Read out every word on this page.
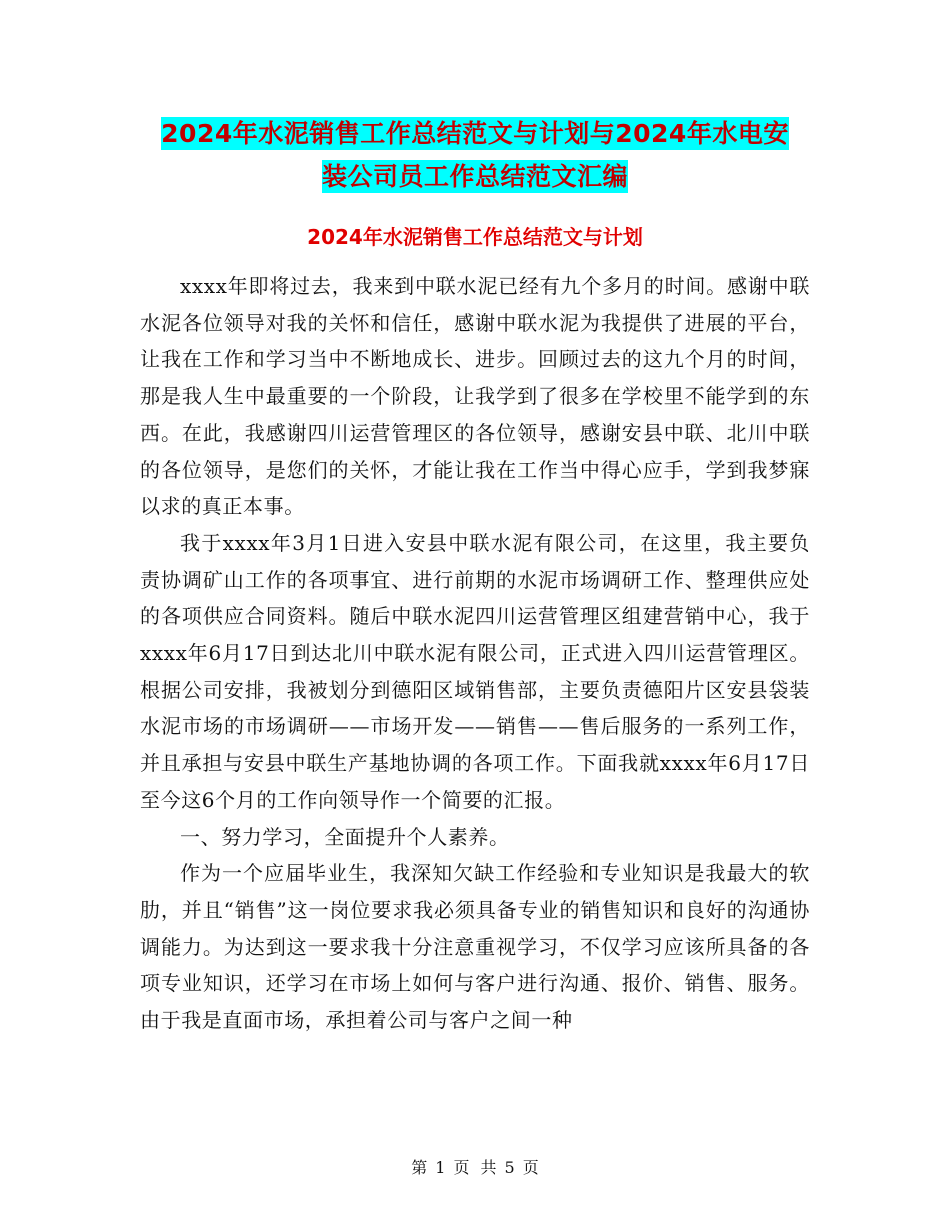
2024年水泥销售工作总结范文与计划与2024年水电安
装公司员工作总结范文汇编
2024年水泥销售工作总结范文与计划

xxxx年即将过去，我来到中联水泥已经有九个多月的时间。感谢中联水泥各位领导对我的关怀和信任，感谢中联水泥为我提供了进展的平台，让我在工作和学习当中不断地成长、进步。回顾过去的这九个月的时间，那是我人生中最重要的一个阶段，让我学到了很多在学校里不能学到的东西。在此，我感谢四川运营管理区的各位领导，感谢安县中联、北川中联的各位领导，是您们的关怀，才能让我在工作当中得心应手，学到我梦寐以求的真正本事。

我于xxxx年3月1日进入安县中联水泥有限公司，在这里，我主要负责协调矿山工作的各项事宜、进行前期的水泥市场调研工作、整理供应处的各项供应合同资料。随后中联水泥四川运营管理区组建营销中心，我于xxxx年6月17日到达北川中联水泥有限公司，正式进入四川运营管理区。根据公司安排，我被划分到德阳区域销售部，主要负责德阳片区安县袋装水泥市场的市场调研——市场开发——销售——售后服务的一系列工作，并且承担与安县中联生产基地协调的各项工作。下面我就xxxx年6月17日至今这6个月的工作向领导作一个简要的汇报。

一、努力学习，全面提升个人素养。

作为一个应届毕业生，我深知欠缺工作经验和专业知识是我最大的软肋，并且“销售”这一岗位要求我必须具备专业的销售知识和良好的沟通协调能力。为达到这一要求我十分注意重视学习，不仅学习应该所具备的各项专业知识，还学习在市场上如何与客户进行沟通、报价、销售、服务。由于我是直面市场，承担着公司与客户之间一种

第 1 页 共 5 页
